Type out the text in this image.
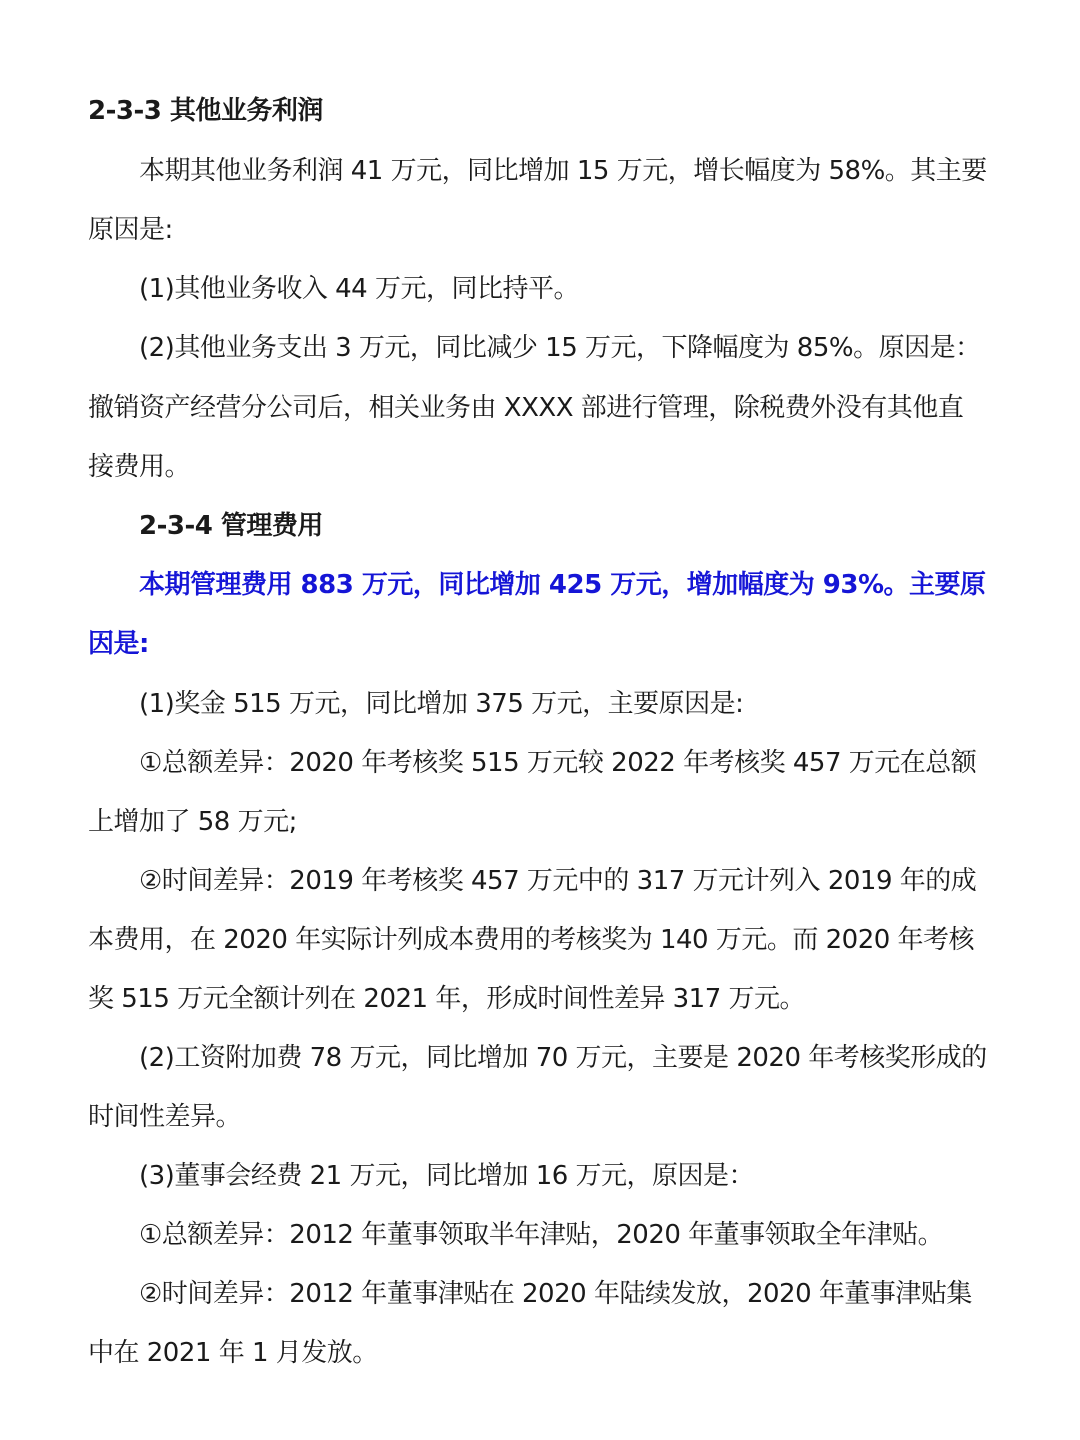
2-3-3 其他业务利润
本期其他业务利润 41 万元，同比增加 15 万元，增长幅度为 58%。其主要
原因是:
(1)其他业务收入 44 万元，同比持平。
(2)其他业务支出 3 万元，同比减少 15 万元，下降幅度为 85%。原因是：
撤销资产经营分公司后，相关业务由 XXXX 部进行管理，除税费外没有其他直
接费用。
2-3-4 管理费用
本期管理费用 883 万元，同比增加 425 万元，增加幅度为 93%。主要原
因是:
(1)奖金 515 万元，同比增加 375 万元，主要原因是:
①总额差异：2020 年考核奖 515 万元较 2022 年考核奖 457 万元在总额
上增加了 58 万元;
②时间差异：2019 年考核奖 457 万元中的 317 万元计列入 2019 年的成
本费用，在 2020 年实际计列成本费用的考核奖为 140 万元。而 2020 年考核
奖 515 万元全额计列在 2021 年，形成时间性差异 317 万元。
(2)工资附加费 78 万元，同比增加 70 万元，主要是 2020 年考核奖形成的
时间性差异。
(3)董事会经费 21 万元，同比增加 16 万元，原因是：
①总额差异：2012 年董事领取半年津贴，2020 年董事领取全年津贴。
②时间差异：2012 年董事津贴在 2020 年陆续发放，2020 年董事津贴集
中在 2021 年 1 月发放。
